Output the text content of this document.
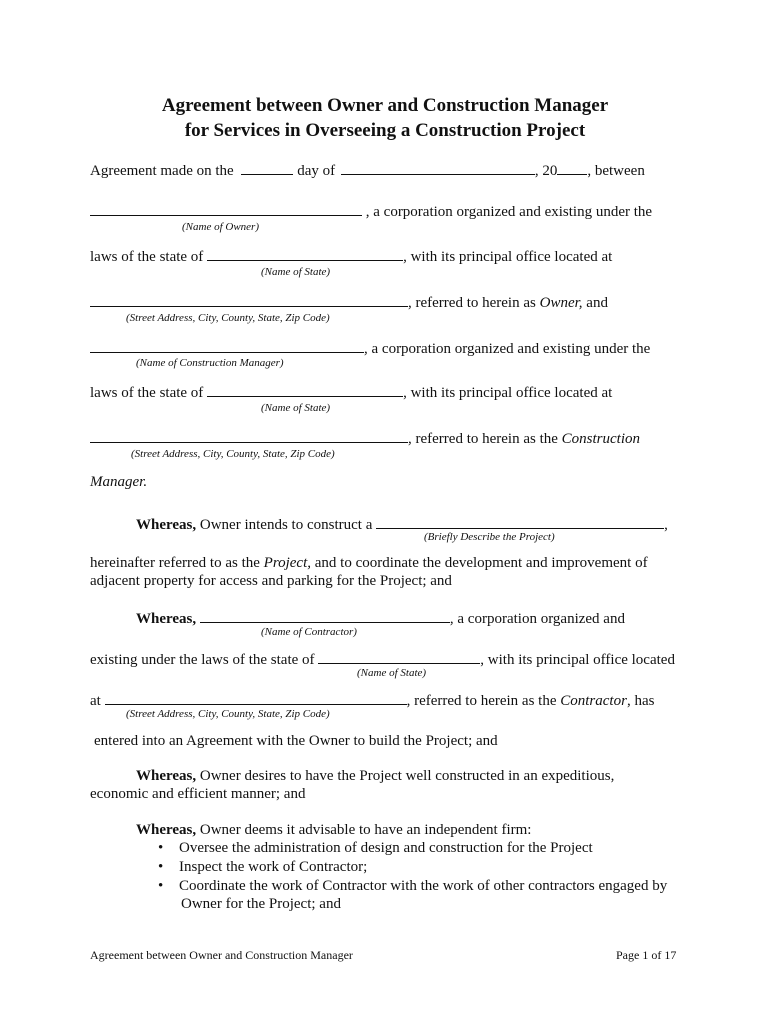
Agreement between Owner and Construction Manager
for Services in Overseeing a Construction Project
Agreement made on the	day of	, 20 , between
, a corporation organized and existing under the
(Name of Owner)
laws of the state of	, with its principal office located at
(Name of State)
, referred to herein as Owner, and
(Street Address, City, County, State, Zip Code)
, a corporation organized and existing under the
(Name of Construction Manager)
laws of the state of	, with its principal office located at
(Name of State)
, referred to herein as the Construction
(Street Address, City, County, State, Zip Code)
Manager.
Whereas, Owner intends to construct a	,
(Briefly Describe the Project)
hereinafter referred to as the Project, and to coordinate the development and improvement of
adjacent property for access and parking for the Project; and
Whereas,	, a corporation organized and
(Name of Contractor)
existing under the laws of the state of	, with its principal office located
(Name of State)
at	, referred to herein as the Contractor, has
(Street Address, City, County, State, Zip Code)
entered into an Agreement with the Owner to build the Project; and
Whereas, Owner desires to have the Project well constructed in an expeditious,
economic and efficient manner; and
Whereas, Owner deems it advisable to have an independent firm:
• Oversee the administration of design and construction for the Project
• Inspect the work of Contractor;
• Coordinate the work of Contractor with the work of other contractors engaged by
Owner for the Project; and
Agreement between Owner and Construction Manager	Page 1 of 17
